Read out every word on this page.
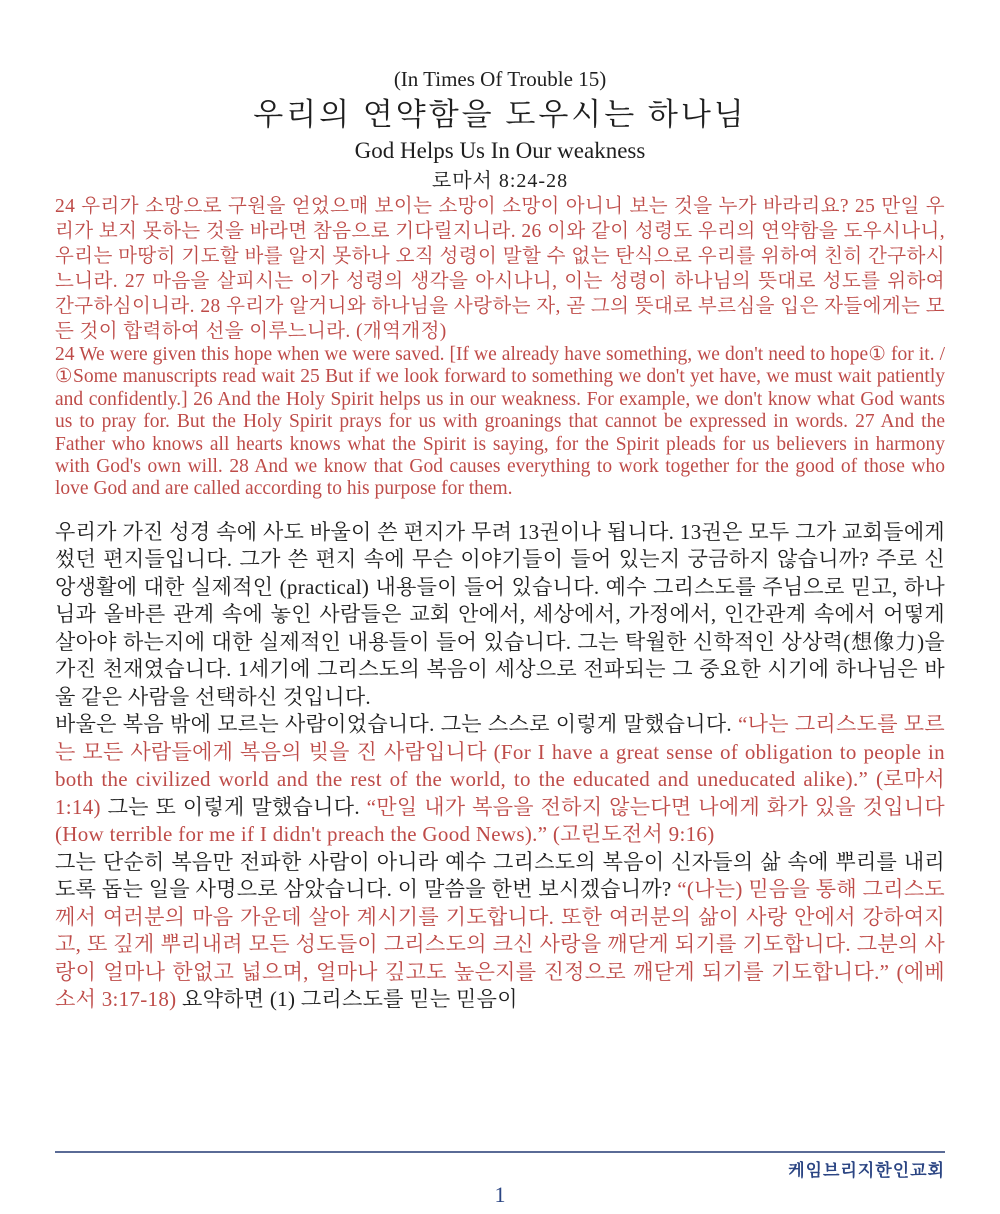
(In Times Of Trouble 15)
우리의 연약함을 도우시는 하나님
God Helps Us In Our weakness
로마서 8:24-28

24 우리가 소망으로 구원을 얻었으매 보이는 소망이 소망이 아니니 보는 것을 누가 바라리요? 25 만일 우리가 보지 못하는 것을 바라면 참음으로 기다릴지니라. 26 이와 같이 성령도 우리의 연약함을 도우시나니, 우리는 마땅히 기도할 바를 알지 못하나 오직 성령이 말할 수 없는 탄식으로 우리를 위하여 친히 간구하시느니라. 27 마음을 살피시는 이가 성령의 생각을 아시나니, 이는 성령이 하나님의 뜻대로 성도를 위하여 간구하심이니라. 28 우리가 알거니와 하나님을 사랑하는 자, 곧 그의 뜻대로 부르심을 입은 자들에게는 모든 것이 합력하여 선을 이루느니라. (개역개정)

24 We were given this hope when we were saved. [If we already have something, we don't need to hope① for it. / ①Some manuscripts read wait 25 But if we look forward to something we don't yet have, we must wait patiently and confidently.] 26 And the Holy Spirit helps us in our weakness. For example, we don't know what God wants us to pray for. But the Holy Spirit prays for us with groanings that cannot be expressed in words. 27 And the Father who knows all hearts knows what the Spirit is saying, for the Spirit pleads for us believers in harmony with God's own will. 28 And we know that God causes everything to work together for the good of those who love God and are called according to his purpose for them.

우리가 가진 성경 속에 사도 바울이 쓴 편지가 무려 13권이나 됩니다. 13권은 모두 그가 교회들에게 썼던 편지들입니다. 그가 쓴 편지 속에 무슨 이야기들이 들어 있는지 궁금하지 않습니까? 주로 신앙생활에 대한 실제적인 (practical) 내용들이 들어 있습니다. 예수 그리스도를 주님으로 믿고, 하나님과 올바른 관계 속에 놓인 사람들은 교회 안에서, 세상에서, 가정에서, 인간관계 속에서 어떻게 살아야 하는지에 대한 실제적인 내용들이 들어 있습니다. 그는 탁월한 신학적인 상상력(想像力)을 가진 천재였습니다. 1세기에 그리스도의 복음이 세상으로 전파되는 그 중요한 시기에 하나님은 바울 같은 사람을 선택하신 것입니다.

바울은 복음 밖에 모르는 사람이었습니다. 그는 스스로 이렇게 말했습니다. “나는 그리스도를 모르는 모든 사람들에게 복음의 빚을 진 사람입니다 (For I have a great sense of obligation to people in both the civilized world and the rest of the world, to the educated and uneducated alike).” (로마서 1:14) 그는 또 이렇게 말했습니다. “만일 내가 복음을 전하지 않는다면 나에게 화가 있을 것입니다 (How terrible for me if I didn't preach the Good News).” (고린도전서 9:16)

그는 단순히 복음만 전파한 사람이 아니라 예수 그리스도의 복음이 신자들의 삶 속에 뿌리를 내리도록 돕는 일을 사명으로 삼았습니다. 이 말씀을 한번 보시겠습니까? “(나는) 믿음을 통해 그리스도께서 여러분의 마음 가운데 살아 계시기를 기도합니다. 또한 여러분의 삶이 사랑 안에서 강하여지고, 또 깊게 뿌리내려 모든 성도들이 그리스도의 크신 사랑을 깨닫게 되기를 기도합니다. 그분의 사랑이 얼마나 한없고 넓으며, 얼마나 깊고도 높은지를 진정으로 깨닫게 되기를 기도합니다.” (에베소서 3:17-18) 요약하면 (1) 그리스도를 믿는 믿음이

케임브리지한인교회
1
